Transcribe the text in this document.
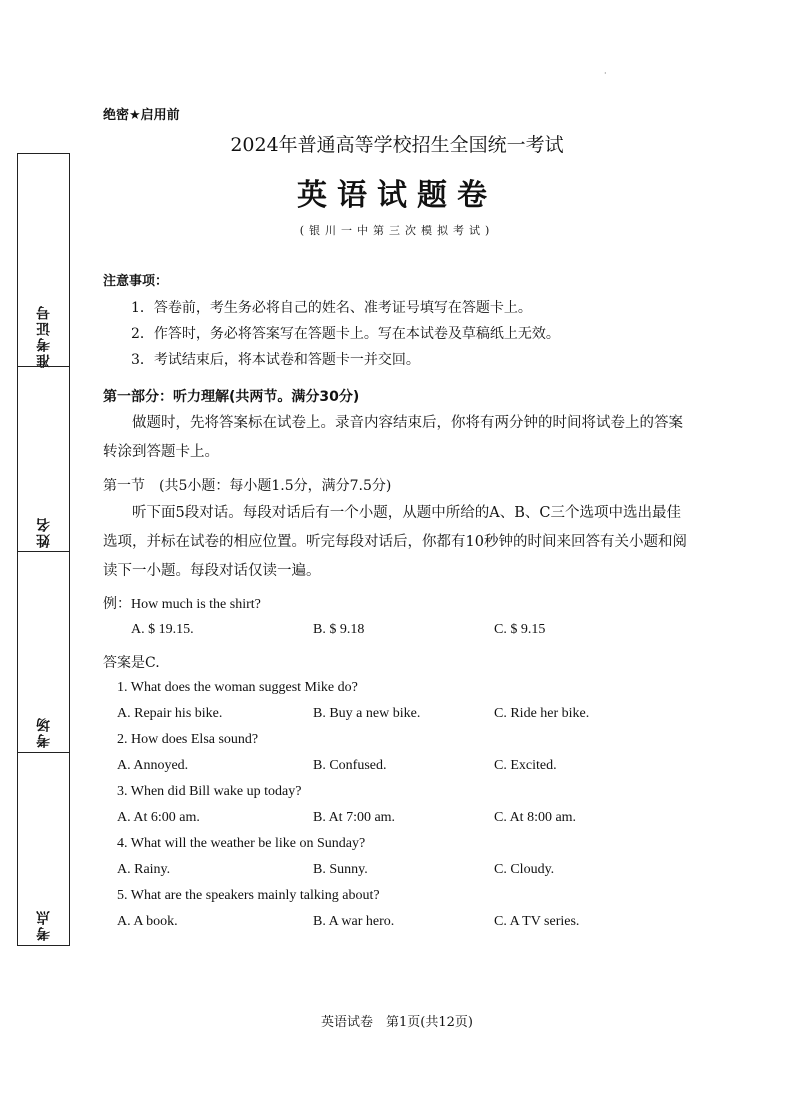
准考证号
姓名
考场
考点
·
绝密★启用前
2024年普通高等学校招生全国统一考试
英语试题卷
(银川一中第三次模拟考试)
注意事项：
1．答卷前，考生务必将自己的姓名、准考证号填写在答题卡上。
2．作答时，务必将答案写在答题卡上。写在本试卷及草稿纸上无效。
3．考试结束后，将本试卷和答题卡一并交回。
第一部分：听力理解(共两节。满分30分)
做题时，先将答案标在试卷上。录音内容结束后，你将有两分钟的时间将试卷上的答案转涂到答题卡上。
第一节　(共5小题：每小题1.5分，满分7.5分)
听下面5段对话。每段对话后有一个小题，从题中所给的A、B、C三个选项中选出最佳选项，并标在试卷的相应位置。听完每段对话后，你都有10秒钟的时间来回答有关小题和阅读下一小题。每段对话仅读一遍。
例：How much is the shirt?
A. $ 19.15.	B. $ 9.18	C. $ 9.15
答案是C.
1. What does the woman suggest Mike do?
A. Repair his bike.	B. Buy a new bike.	C. Ride her bike.
2. How does Elsa sound?
A. Annoyed.	B. Confused.	C. Excited.
3. When did Bill wake up today?
A. At 6:00 am.	B. At 7:00 am.	C. At 8:00 am.
4. What will the weather be like on Sunday?
A. Rainy.	B. Sunny.	C. Cloudy.
5. What are the speakers mainly talking about?
A. A book.	B. A war hero.	C. A TV series.
英语试卷　第1页(共12页)
